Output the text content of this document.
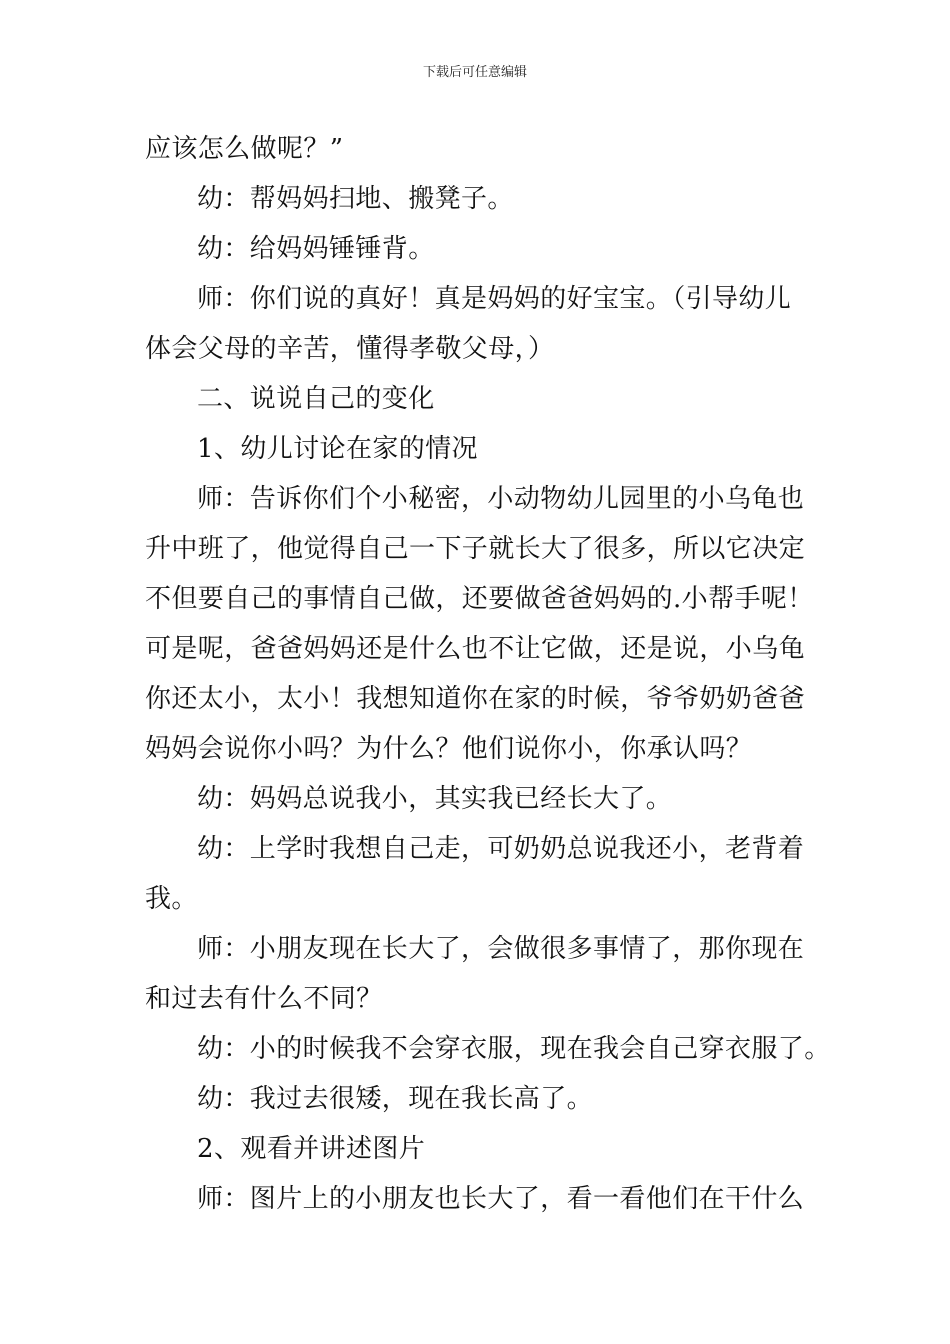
下载后可任意编辑
应该怎么做呢？”
幼：帮妈妈扫地、搬凳子。
幼：给妈妈锤锤背。
师：你们说的真好！真是妈妈的好宝宝。（引导幼儿
体会父母的辛苦，懂得孝敬父母，）
二、说说自己的变化
1、幼儿讨论在家的情况
师：告诉你们个小秘密，小动物幼儿园里的小乌龟也
升中班了，他觉得自己一下子就长大了很多，所以它决定
不但要自己的事情自己做，还要做爸爸妈妈的.小帮手呢！
可是呢，爸爸妈妈还是什么也不让它做，还是说，小乌龟
你还太小，太小！我想知道你在家的时候，爷爷奶奶爸爸
妈妈会说你小吗？为什么？他们说你小，你承认吗？
幼：妈妈总说我小，其实我已经长大了。
幼：上学时我想自己走，可奶奶总说我还小，老背着
我。
师：小朋友现在长大了，会做很多事情了，那你现在
和过去有什么不同？
幼：小的时候我不会穿衣服，现在我会自己穿衣服了。
幼：我过去很矮，现在我长高了。
2、观看并讲述图片
师：图片上的小朋友也长大了，看一看他们在干什么
